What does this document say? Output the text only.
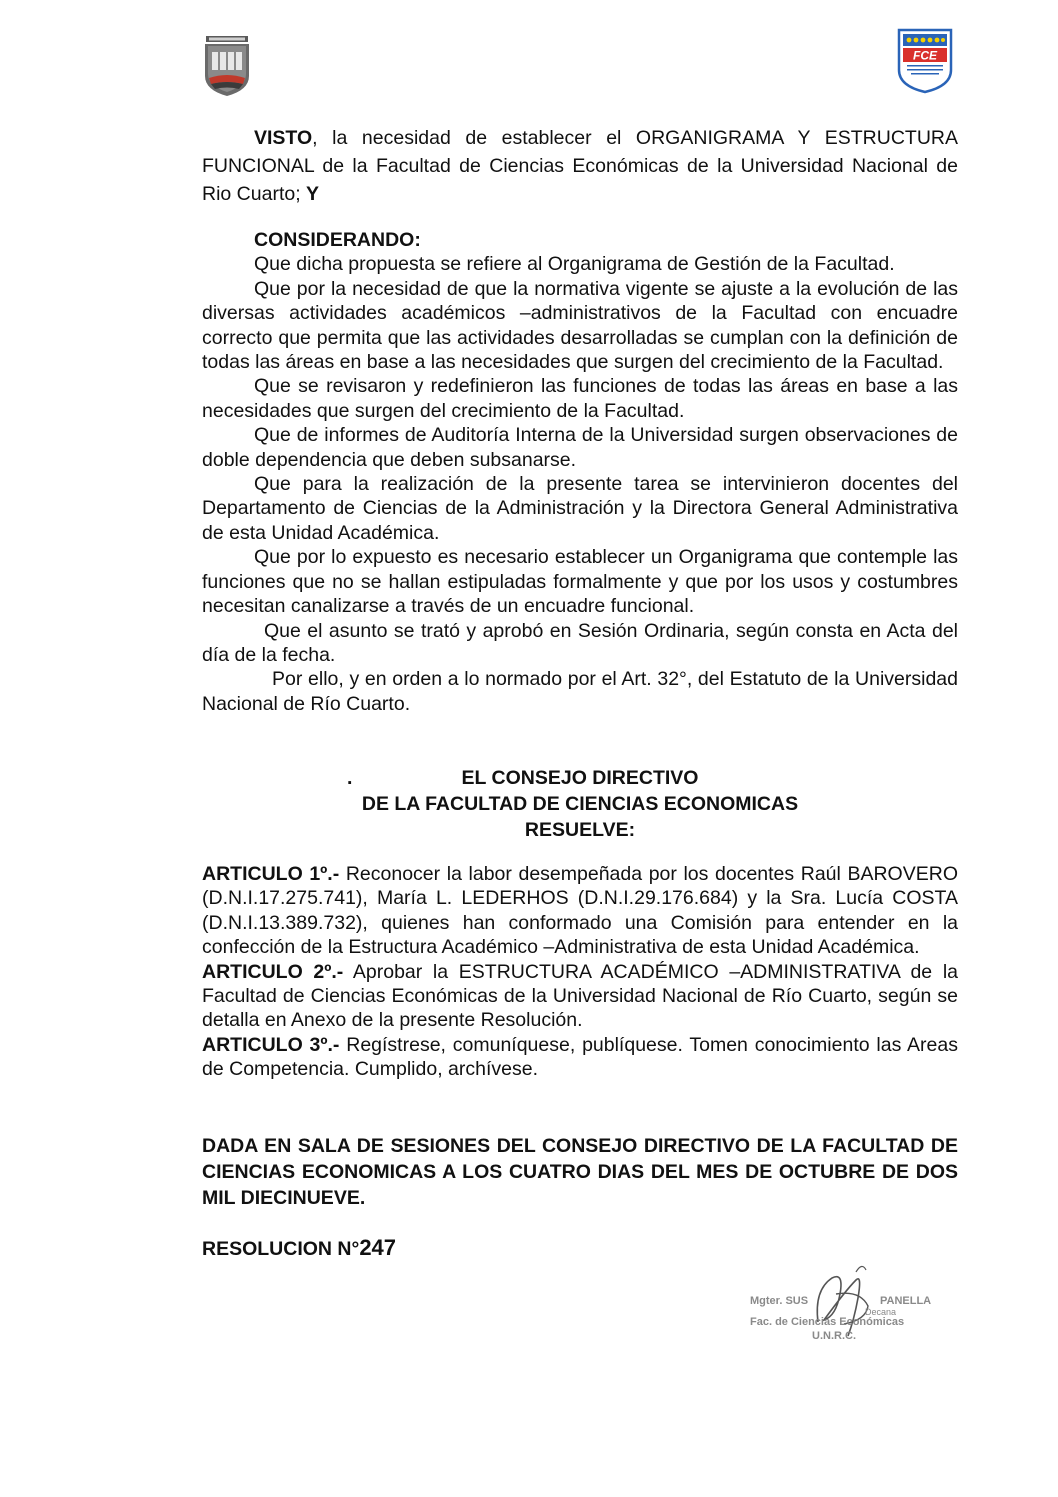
FCE

VISTO, la necesidad de establecer el ORGANIGRAMA Y ESTRUCTURA FUNCIONAL de la Facultad de Ciencias Económicas de la Universidad Nacional de Rio Cuarto; Y

CONSIDERANDO:

Que dicha propuesta se refiere al Organigrama de Gestión de la Facultad.

Que por la necesidad de que la normativa vigente se ajuste a la evolución de las diversas actividades académicos –administrativos de la Facultad con encuadre correcto que permita que las actividades desarrolladas se cumplan con la definición de todas las áreas en base a las necesidades que surgen del crecimiento de la Facultad.

Que se revisaron y redefinieron las funciones de todas las áreas en base a las necesidades que surgen del crecimiento de la Facultad.

Que de informes de Auditoría Interna de la Universidad surgen observaciones de doble dependencia que deben subsanarse.

Que para la realización de la presente tarea se intervinieron docentes del Departamento de Ciencias de la Administración y la Directora General Administrativa de esta Unidad Académica.

Que por lo expuesto es necesario establecer un Organigrama que contemple las funciones que no se hallan estipuladas formalmente y que por los usos y costumbres necesitan canalizarse a través de un encuadre funcional.

Que el asunto se trató y aprobó en Sesión Ordinaria, según consta en Acta del día de la fecha.

Por ello, y en orden a lo normado por el Art. 32°, del Estatuto de la Universidad Nacional de Río Cuarto.

.	EL CONSEJO DIRECTIVO
DE LA FACULTAD DE CIENCIAS ECONOMICAS
RESUELVE:

ARTICULO 1º.- Reconocer la labor desempeñada por los docentes Raúl BAROVERO (D.N.I.17.275.741), María L. LEDERHOS (D.N.I.29.176.684) y la Sra. Lucía COSTA (D.N.I.13.389.732), quienes han conformado una Comisión para entender en la confección de la Estructura Académico –Administrativa de esta Unidad Académica.

ARTICULO 2º.- Aprobar la ESTRUCTURA ACADÉMICO –ADMINISTRATIVA de la Facultad de Ciencias Económicas de la Universidad Nacional de Río Cuarto, según se detalla en Anexo de la presente Resolución.

ARTICULO 3º.- Regístrese, comuníquese, publíquese. Tomen conocimiento las Areas de Competencia. Cumplido, archívese.

DADA EN SALA DE SESIONES DEL CONSEJO DIRECTIVO DE LA FACULTAD DE CIENCIAS ECONOMICAS A LOS CUATRO DIAS DEL MES DE OCTUBRE DE DOS MIL DIECINUEVE.

RESOLUCION N°247
Mgter. SUS	PANELLA
Decana
Fac. de Ciencias Económicas
U.N.R.C.
